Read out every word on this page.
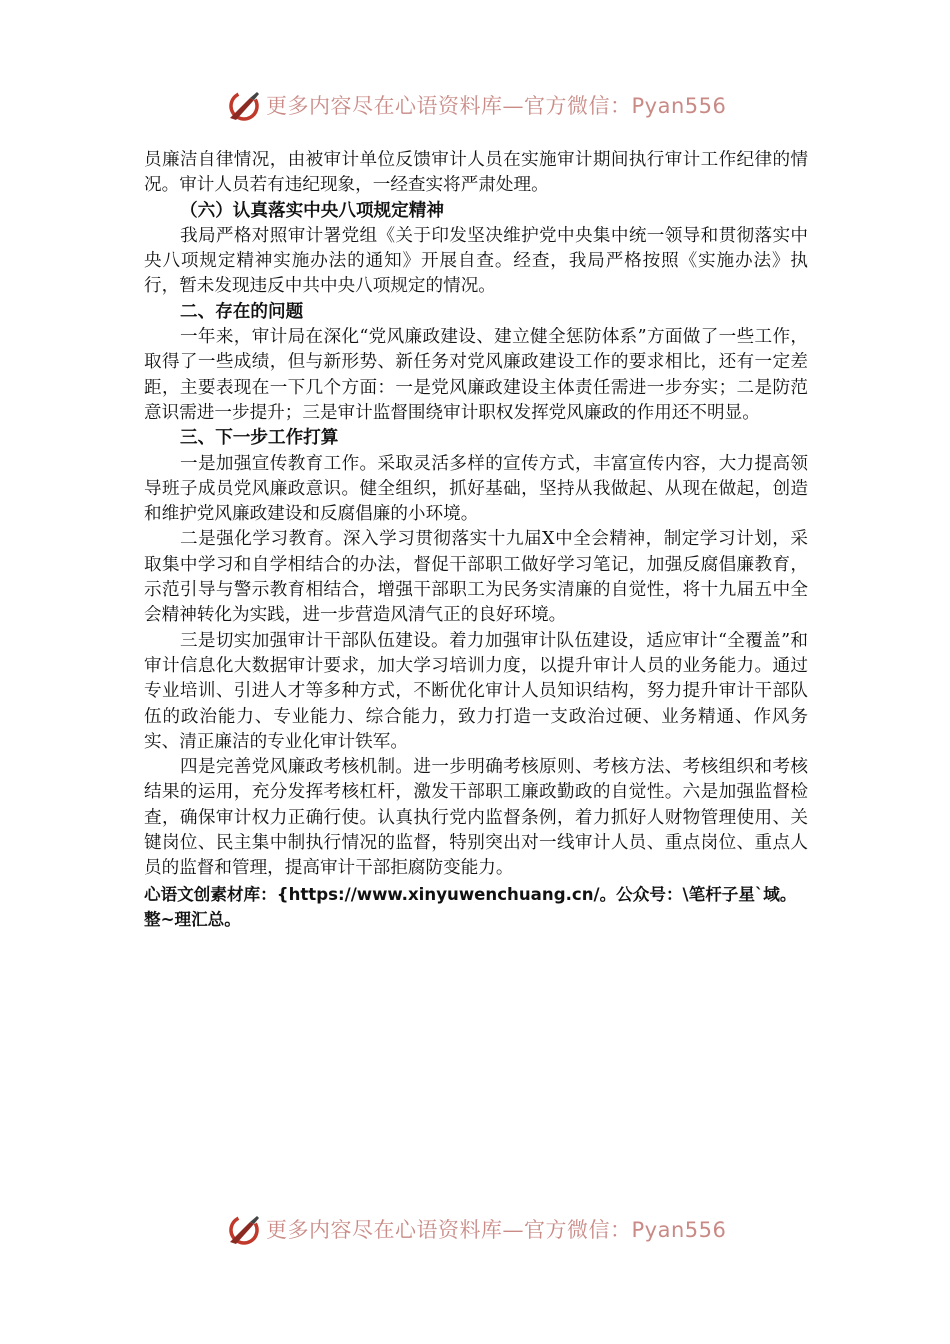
更多内容尽在心语资料库—官方微信：Pyan556

员廉洁自律情况，由被审计单位反馈审计人员在实施审计期间执行审计工作纪律的情况。审计人员若有违纪现象，一经查实将严肃处理。

（六）认真落实中央八项规定精神

我局严格对照审计署党组《关于印发坚决维护党中央集中统一领导和贯彻落实中央八项规定精神实施办法的通知》开展自查。经查，我局严格按照《实施办法》执行，暂未发现违反中共中央八项规定的情况。

二、存在的问题

一年来，审计局在深化“党风廉政建设、建立健全惩防体系”方面做了一些工作，取得了一些成绩，但与新形势、新任务对党风廉政建设工作的要求相比，还有一定差距，主要表现在一下几个方面：一是党风廉政建设主体责任需进一步夯实；二是防范意识需进一步提升；三是审计监督围绕审计职权发挥党风廉政的作用还不明显。

三、下一步工作打算

一是加强宣传教育工作。采取灵活多样的宣传方式，丰富宣传内容，大力提高领导班子成员党风廉政意识。健全组织，抓好基础，坚持从我做起、从现在做起，创造和维护党风廉政建设和反腐倡廉的小环境。

二是强化学习教育。深入学习贯彻落实十九届X中全会精神，制定学习计划，采取集中学习和自学相结合的办法，督促干部职工做好学习笔记，加强反腐倡廉教育，示范引导与警示教育相结合，增强干部职工为民务实清廉的自觉性，将十九届五中全会精神转化为实践，进一步营造风清气正的良好环境。

三是切实加强审计干部队伍建设。着力加强审计队伍建设，适应审计“全覆盖”和审计信息化大数据审计要求，加大学习培训力度，以提升审计人员的业务能力。通过专业培训、引进人才等多种方式，不断优化审计人员知识结构，努力提升审计干部队伍的政治能力、专业能力、综合能力，致力打造一支政治过硬、业务精通、作风务实、清正廉洁的专业化审计铁军。

四是完善党风廉政考核机制。进一步明确考核原则、考核方法、考核组织和考核结果的运用，充分发挥考核杠杆，激发干部职工廉政勤政的自觉性。六是加强监督检查，确保审计权力正确行使。认真执行党内监督条例，着力抓好人财物管理使用、关键岗位、民主集中制执行情况的监督，特别突出对一线审计人员、重点岗位、重点人员的监督和管理，提高审计干部拒腐防变能力。

心语文创素材库：{https://www.xinyuwenchuang.cn/。公众号：\笔杆子星`域。整~理汇总。

更多内容尽在心语资料库—官方微信：Pyan556
